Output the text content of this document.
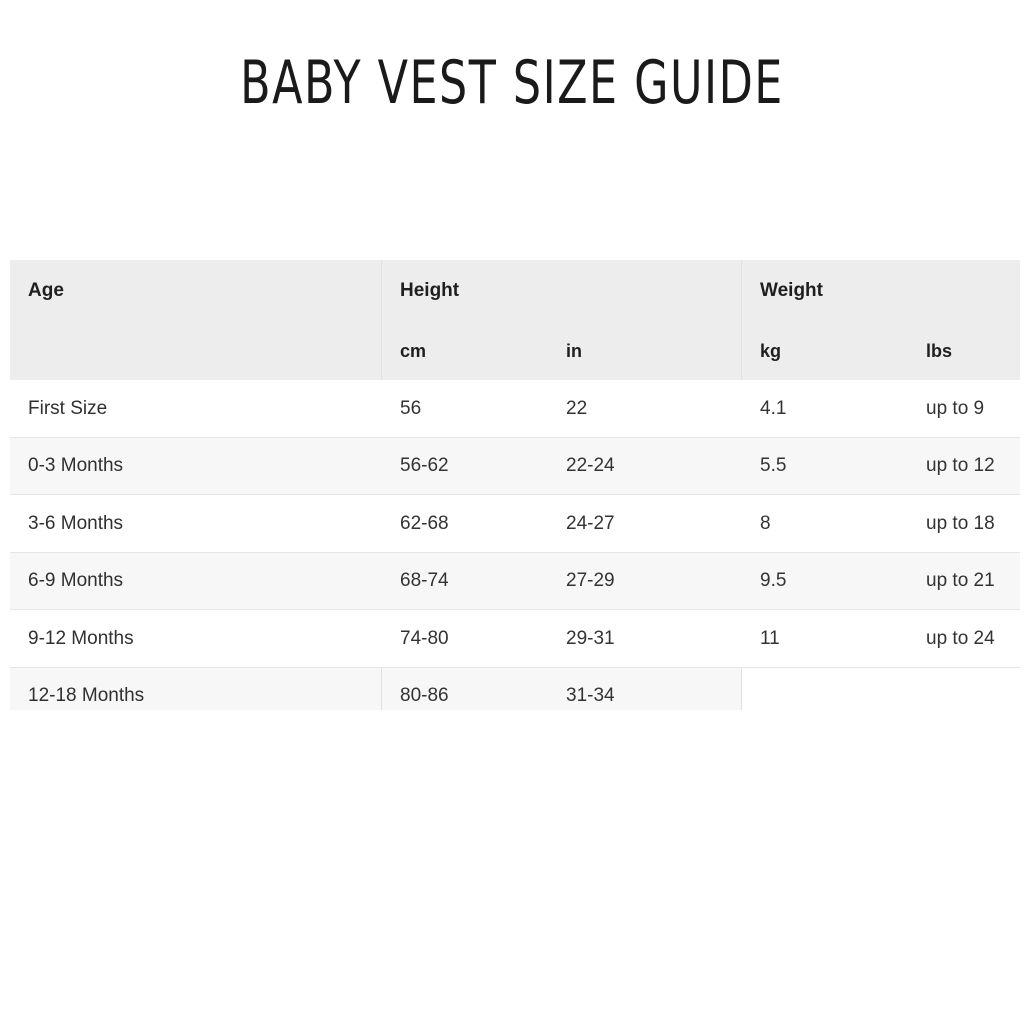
BABY VEST SIZE GUIDE
Age	Height		Weight	
	cm	in	kg	lbs
First Size	56	22	4.1	up to 9
0-3 Months	56-62	22-24	5.5	up to 12
3-6 Months	62-68	24-27	8	up to 18
6-9 Months	68-74	27-29	9.5	up to 21
9-12 Months	74-80	29-31	11	up to 24
12-18 Months	80-86	31-34		
